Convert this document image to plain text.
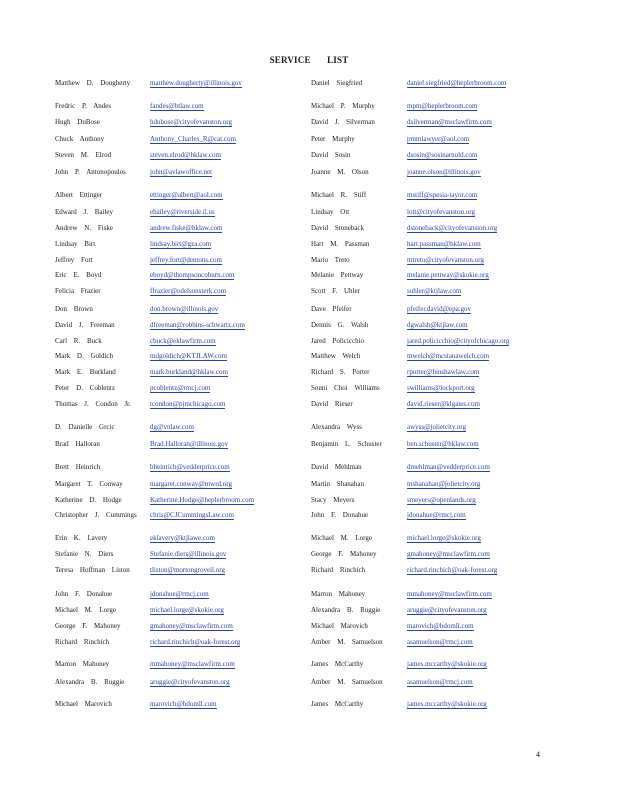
SERVICE LIST
Matthew D. Dougherty	matthew.dougherty@illinois.gov
Fredric P. Andes	fandes@btlaw.com
Hugh DuBose	hdubose@cityofevanston.org
Chuck Anthony	Anthony_Charles_R@cat.com
Steven M. Elrod	steven.elrod@hklaw.com
John P. Antonopoulos	john@avlawoffice.net
Albert Ettinger	ettinger@albert@aol.com
Edward J. Bailey	ebailey@riverside.il.us
Andrew N. Fiske	andrew.fiske@hklaw.com
Lindsay Birt	lindsay.birt@gza.com
Jeffrey Fort	jeffrey.fort@dentons.com
Eric E. Boyd	eboyd@thompsoncoburn.com
Felicia Frazier	ffrazier@odelsonsterk.com
Don Brown	don.brown@illinois.gov
David J. Freeman	dfreeman@robbins-schwartz.com
Carl R. Buck	cbuck@eklawfirm.com
Mark D. Goldich	mdgoldich@KTJLAW.com
Mark E. Burkland	mark.burkland@hklaw.com
Peter D. Coblentz	pcoblentz@rmcj.com
Thomas J. Condon Jr.	tcondon@pjmchicago.com
D. Danielle Grcic	dg@vnlaw.com
Brad Halloran	Brad.Halloran@illinois.gov
Brett Heinrich	bheinrich@vedderprice.com
Margaret T. Conway	margaret.conway@mwrd.org
Katherine D. Hodge	Katherine.Hodge@heplerbroom.com
Christopher J. Cummings	chris@CJCummingsLaw.com
Erin K. Lavery	eklavery@ktjlawe.com
Stefanie N. Diers	Stefanie.diers@illinois.gov
Teresa Hoffman Liston	tliston@mortongroveil.org
John F. Donahue	jdonahue@rmcj.com
Michael M. Lorge	michael.lorge@skokie.org
George F. Mahoney	gmahoney@msclawfirm.com
Richard Rinchich	richard.rinchich@oak-forest.org
Marron Mahoney	mmahoney@msclawfirm.com
Alexandra B. Ruggie	aruggie@cityofevanston.org
Michael Marovich	marovich@hdomll.com
Daniel Siegfried	daniel.siegfried@heplerbroom.com
Michael P. Murphy	mpm@heplerbroom.com
David J. Silverman	dsilverman@msclawfirm.com
Peter Murphy	pmmlawyer@aol.com
David Sosin	dsosin@sosinarnold.com
Joanne M. Olson	joanne.olson@illinois.gov
Michael R. Stiff	mstiff@spesia-tayor.com
Lindsay Ott	lott@cityofevanston.org
David Stoneback	dstoneback@cityofevanston.org
Hart M. Passman	hart.passman@hklaw.com
Mario Treto	mtreto@cityofevanston.org
Melanie Pettway	melanie.pettway@skokie.org
Scott F. Uhler	suhler@ktjlaw.com
Dave Pfeifer	pfeifer.david@epa.gov
Dennis G. Walsh	dgwalsh@ktjlaw.com
Jared Policicchio	jared.policicchio@cityofchicago.org
Matthew Welch	mwelch@mcstanawelch.com
Richard S. Porter	rporter@hinshawlaw.com
Sonni Choi Williams	swilliams@lockport.org
David Rieser	david.rieser@klgates.com
Alexandra Wyss	awyss@jolietcity.org
Benjamin L. Schuster	ben.schuster@hklaw.com
David Mehlman	dmehlman@vedderprice.com
Martin Shanahan	mshanahan@jolietcity.org
Stacy Meyers	smeyers@openlands.org
John F. Donahue	jdonahue@rmcj.com
Michael M. Lorge	michael.lorge@skokie.org
George F. Mahoney	gmahoney@msclawfirm.com
Richard Rinchich	richard.rinchich@oak-forest.org
Marron Mahoney	mmahoney@msclawfirm.com
Alexandra B. Ruggie	aruggie@cityofevanston.org
Michael Marovich	marovich@hdomll.com
Amber M. Samuelson	asamuelson@rmcj.com
James McCarthy	james.mccarthy@skokie.org
Amber M. Samuelson	asamuelson@rmcj.com
James McCarthy	james.mccarthy@skokie.org
4
